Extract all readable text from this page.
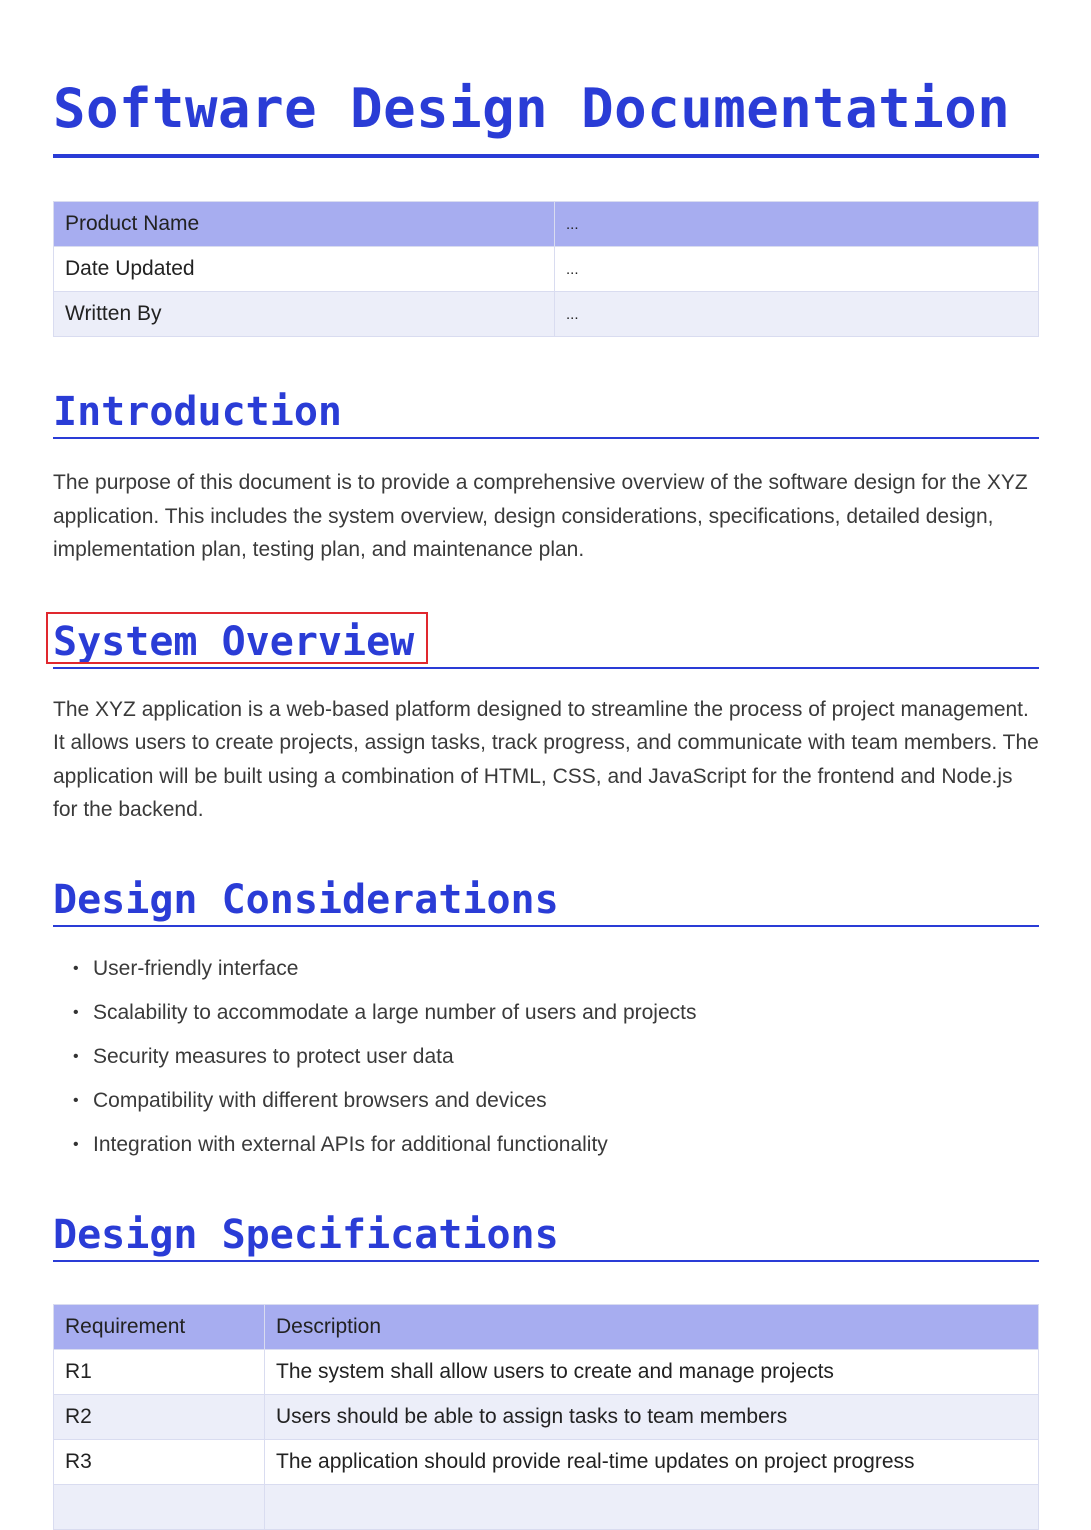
Software Design Documentation
Product Name	...
Date Updated	...
Written By	...
Introduction

The purpose of this document is to provide a comprehensive overview of the software design for the XYZ application. This includes the system overview, design considerations, specifications, detailed design, implementation plan, testing plan, and maintenance plan.

System Overview

The XYZ application is a web-based platform designed to streamline the process of project management. It allows users to create projects, assign tasks, track progress, and communicate with team members. The application will be built using a combination of HTML, CSS, and JavaScript for the frontend and Node.js for the backend.

Design Considerations
• User-friendly interface
• Scalability to accommodate a large number of users and projects
• Security measures to protect user data
• Compatibility with different browsers and devices
• Integration with external APIs for additional functionality
Design Specifications
Requirement	Description
R1	The system shall allow users to create and manage projects
R2	Users should be able to assign tasks to team members
R3	The application should provide real-time updates on project progress
